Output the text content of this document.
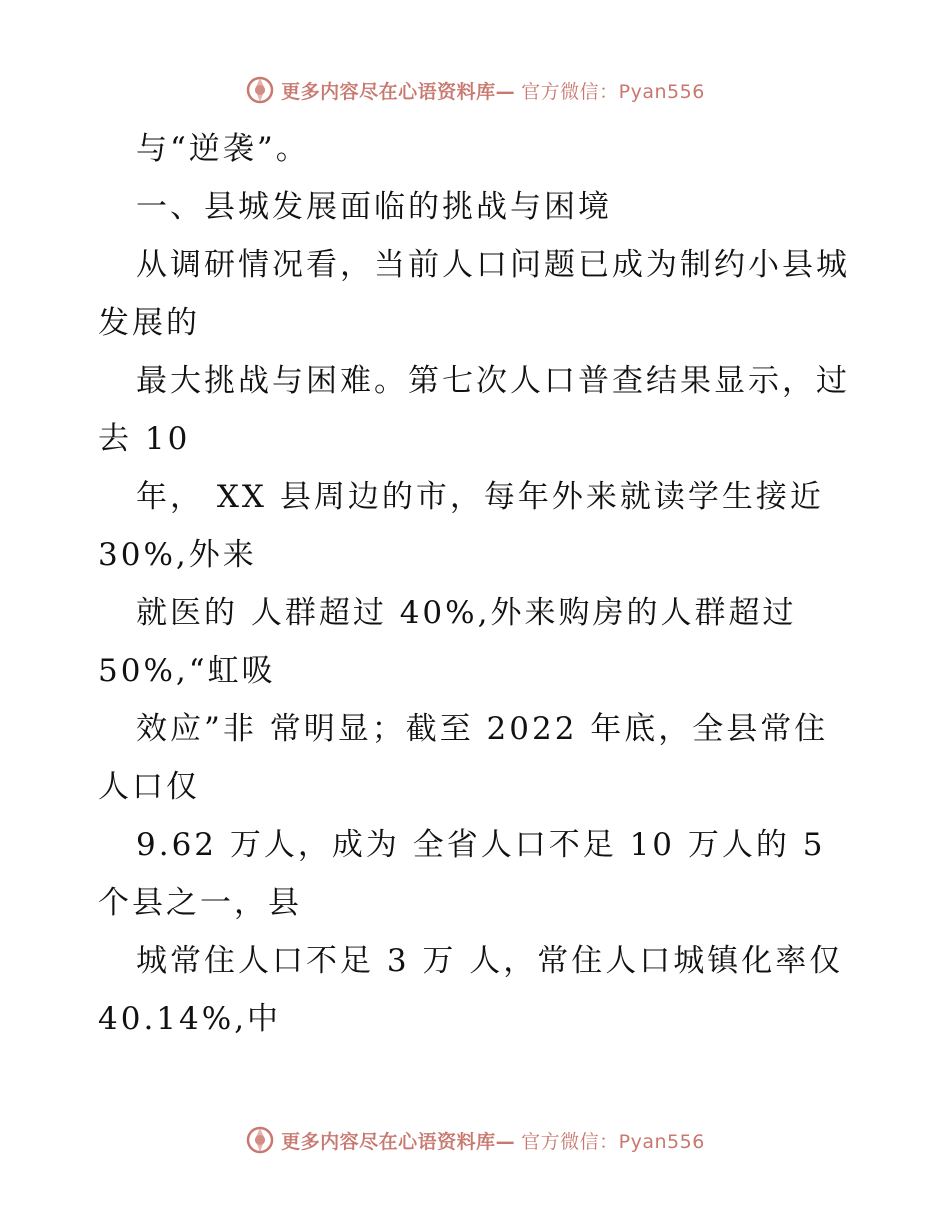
更多内容尽在心语资料库— 官方微信：Pyan556
与“逆袭”。
一、县城发展面临的挑战与困境
从调研情况看，当前人口问题已成为制约小县城
发展的
最大挑战与困难。第七次人口普查结果显示，过
去 10
年， XX 县周边的市，每年外来就读学生接近
30%,外来
就医的 人群超过 40%,外来购房的人群超过
50%,“虹吸
效应”非 常明显；截至 2022 年底，全县常住
人口仅
9.62 万人，成为 全省人口不足 10 万人的 5
个县之一，县
城常住人口不足 3 万 人，常住人口城镇化率仅
40.14%,中
更多内容尽在心语资料库— 官方微信：Pyan556
